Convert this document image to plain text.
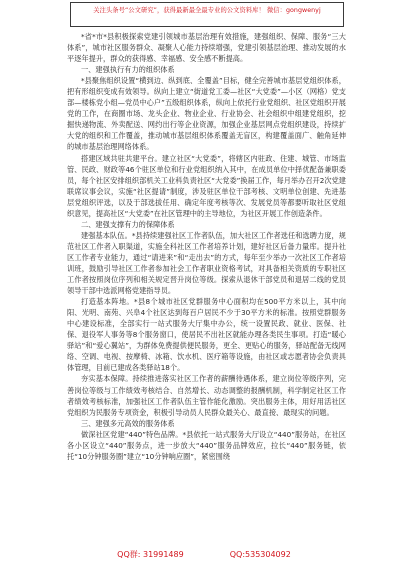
关注头条号“公文研究”，获得最新最全最专业的公文资料库！ 微信：gongwenyj

*省*市*县积极探索党建引领城市基层治理有效措施，建强组织、保障、服务“三大体系”，城市社区服务群众、凝聚人心能力持续增强，党建引领基层治理、推动发展的水平逐年提升，群众的获得感、幸福感、安全感不断提高。

一、建强执行有力的组织体系

*县聚焦组织设置“横到边、纵到底、全覆盖”目标，健全完善城市基层党组织体系，把有形组织变成有效领导。纵向上建立“街道党工委—社区“大党委”—小区（网格）党支部—楼栋党小组—党员中心户”五级组织体系，纵向上依托行业党组织、社区党组织开展党的工作，在商圈市场、龙头企业、物业企业、行业协会、社会组织中组建党组织，挖掘快递物流、外卖配送、网约出行等企业资源，加强企业基层网点党组织建设，持续扩大党的组织和工作覆盖，推动城市基层组织体系覆盖无盲区，构建覆盖面广、触角延伸的城市基层治理网络体系。

搭建区域共驻共建平台。建立社区“大党委”，将辖区内驻政、住建、城管、市场监管、民政、财政等46个驻区单位和行业党组织纳入其中，在成员单位中择优配备兼职委员，每个社区安排组织部机关工业科负责社区“大党委”换届工作，每月举办召开2次党建联席议事会议，实施“社区提请”制度，涉及驻区单位干部考核、文明单位创建、先进基层党组织评选，以及于部选拔任用、确定年度考核等次、发展党员等都要听取社区党组织意见，提高社区“大党委”在社区管理中的主导地位，为社区开展工作创造条件。

二、建强支撑有力的保障体系

建强基本队伍。*县持续建强社区工作者队伍，加大社区工作者选任和选聘力度，规范社区工作者入职渠道，实施全科社区工作者培养计划，建好社区后备力量库。提升社区工作者专业能力，通过“请进来”和“走出去”的方式，每年至少举办一次社区工作者培训班，鼓励引导社区工作者参加社会工作者职业资格考试，对具备相关资质的专职社区工作者按照岗位序列和相关规定晋升岗位等级。探索从退休干部党员和退居二线的党员领导干部中选派网格党建指导员。

打造基本阵地。*县8个城市社区党群服务中心面积均在500平方米以上，其中向阳、光明、南苑、兴阜4个社区达到每百户居民不少于30平方米的标准。按照党群服务中心建设标准，全部实行一站式服务大厅集中办公，统一设置民政、就业、医保、社保、退役军人事务等8个服务窗口，使居民不出社区就能办理各类民生事项。打造“暖心驿站”和“爱心翼站”，为群体免费提供便民服务，更全、更贴心的服务，驿站配备无线网络、空调、电视、按摩椅、冰箱、饮水机、医疗箱等设施，由社区或志愿者协会负责具体管理，目前已建成各类驿站18个。

夯实基本保障。持续推进落实社区工作者的薪酬待遇体系，建立岗位等级序列，完善岗位等级与工作绩效考核结合、自然增长、动态调整的报酬机制，科学制定社区工作者绩效考核标准，加强社区工作者队伍主管作能化激励。突出服务主体，用好用活社区党组织为民服务专项资金，积极引导动员人民群众最关心、最直接、最现实的问题。

三、建强多元高效的服务体系

做深社区党建“440”特色品牌。*县依托一站式服务大厅设立“440”服务站，在社区各小区设立“440”服务点，进一步放大“440”服务品牌效应，拉长“440”服务链，依托“10分钟服务圈”建立“10分钟响应圈”，紧密围绕

QQ群: 31991489	QQ:535304092
